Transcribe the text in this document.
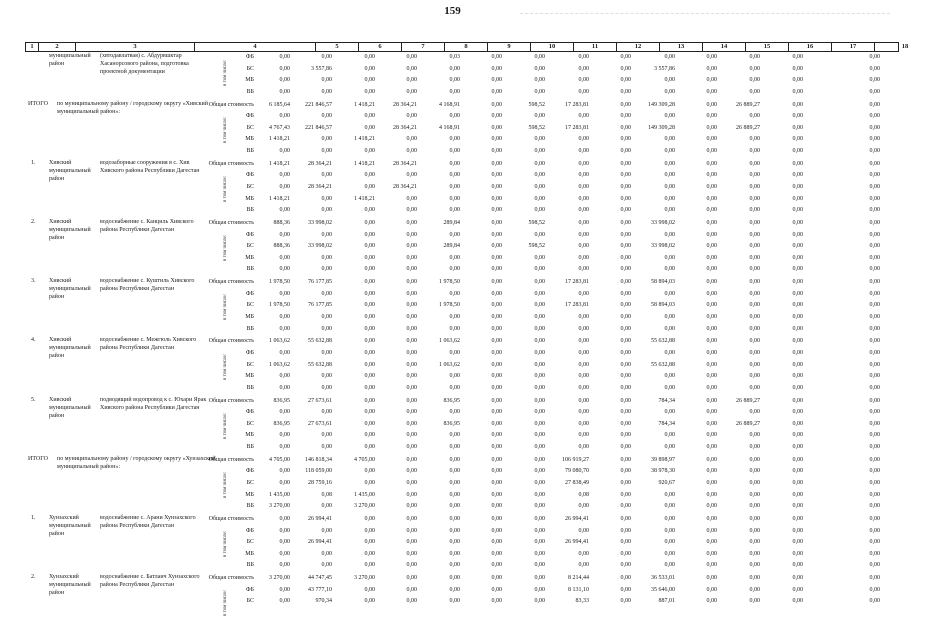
159
1	2	3	4	5	6	7	8	9	10	11	12	13	14	15	16	17	18
муниципальный район
(хвтодавлатвая) с. Абдурвшктар Хасанорсового района, подготовка проектной документации	в том числе:
ФБ	0,00	0,00	0,00	0,00	0,03	0,00	0,00	0,00	0,00	0,00	0,00	0,00	0,00	0,00
БС	0,00	3 557,86	0,00	0,00	0,00	0,00	0,00	0,00	0,00	3 557,86	0,00	0,00	0,00	0,00
МБ	0,00	0,00	0,00	0,00	0,00	0,00	0,00	0,00	0,00	0,00	0,00	0,00	0,00	0,00
ВБ	0,00	0,00	0,00	0,00	0,00	0,00	0,00	0,00	0,00	0,00	0,00	0,00	0,00	0,00
ИТОГО	по муниципальному району / городскому округу «Хивский муниципальный район»:
в том числе:
Общая стоимость	6 185,64	221 846,57	1 418,21	28 364,21	4 168,91	0,00	598,52	17 283,81	0,00	149 309,28	0,00	26 889,27	0,00	0,00
ФБ	0,00	0,00	0,00	0,00	0,00	0,00	0,00	0,00	0,00	0,00	0,00	0,00	0,00	0,00
БС	4 767,43	221 846,57	0,00	28 364,21	4 168,91	0,00	598,52	17 283,81	0,00	149 309,28	0,00	26 889,27	0,00	0,00
МБ	1 418,21	0,00	1 418,21	0,00	0,00	0,00	0,00	0,00	0,00	0,00	0,00	0,00	0,00	0,00
ВБ	0,00	0,00	0,00	0,00	0,00	0,00	0,00	0,00	0,00	0,00	0,00	0,00	0,00	0,00
1.	Хивский муниципальный район
водозаборные сооружения в с. Хив Хивского района Республики Дагестан
в том числе:
Общая стоимость	1 418,21	28 364,21	1 418,21	28 364,21	0,00	0,00	0,00	0,00	0,00	0,00	0,00	0,00	0,00	0,00
ФБ	0,00	0,00	0,00	0,00	0,00	0,00	0,00	0,00	0,00	0,00	0,00	0,00	0,00	0,00
БС	0,00	28 364,21	0,00	28 364,21	0,00	0,00	0,00	0,00	0,00	0,00	0,00	0,00	0,00	0,00
МБ	1 418,21	0,00	1 418,21	0,00	0,00	0,00	0,00	0,00	0,00	0,00	0,00	0,00	0,00	0,00
ВБ	0,00	0,00	0,00	0,00	0,00	0,00	0,00	0,00	0,00	0,00	0,00	0,00	0,00	0,00
2.	Хивский муниципальный район
водоснабжение с. Канциль Хивского района Республики Дагестан
в том числе:
Общая стоимость	888,36	33 998,02	0,00	0,00	289,84	0,00	598,52	0,00	0,00	33 998,02	0,00	0,00	0,00	0,00
ФБ	0,00	0,00	0,00	0,00	0,00	0,00	0,00	0,00	0,00	0,00	0,00	0,00	0,00	0,00
БС	888,36	33 998,02	0,00	0,00	289,84	0,00	598,52	0,00	0,00	33 998,02	0,00	0,00	0,00	0,00
МБ	0,00	0,00	0,00	0,00	0,00	0,00	0,00	0,00	0,00	0,00	0,00	0,00	0,00	0,00
ВБ	0,00	0,00	0,00	0,00	0,00	0,00	0,00	0,00	0,00	0,00	0,00	0,00	0,00	0,00
3.	Хивский муниципальный район
водоснабжение с. Куштиль Хивского района Республики Дагестан
в том числе:
Общая стоимость	1 978,50	76 177,85	0,00	0,00	1 978,50	0,00	0,00	17 283,81	0,00	58 894,03	0,00	0,00	0,00	0,00
ФБ	0,00	0,00	0,00	0,00	0,00	0,00	0,00	0,00	0,00	0,00	0,00	0,00	0,00	0,00
БС	1 978,50	76 177,85	0,00	0,00	1 978,50	0,00	0,00	17 283,81	0,00	58 894,03	0,00	0,00	0,00	0,00
МБ	0,00	0,00	0,00	0,00	0,00	0,00	0,00	0,00	0,00	0,00	0,00	0,00	0,00	0,00
ВБ	0,00	0,00	0,00	0,00	0,00	0,00	0,00	0,00	0,00	0,00	0,00	0,00	0,00	0,00
4.	Хивский муниципальный район
водоснабжение с. Межгюль Хивского района Республики Дагестан
в том числе:
Общая стоимость	1 063,62	55 632,88	0,00	0,00	1 063,62	0,00	0,00	0,00	0,00	55 632,88	0,00	0,00	0,00	0,00
ФБ	0,00	0,00	0,00	0,00	0,00	0,00	0,00	0,00	0,00	0,00	0,00	0,00	0,00	0,00
БС	1 063,62	55 632,88	0,00	0,00	1 063,62	0,00	0,00	0,00	0,00	55 632,88	0,00	0,00	0,00	0,00
МБ	0,00	0,00	0,00	0,00	0,00	0,00	0,00	0,00	0,00	0,00	0,00	0,00	0,00	0,00
ВБ	0,00	0,00	0,00	0,00	0,00	0,00	0,00	0,00	0,00	0,00	0,00	0,00	0,00	0,00
5.	Хивский муниципальный район
подводящий водопровод к с. Юхари Ярак Хивского района Республики Дагестан
в том числе:
Общая стоимость	836,95	27 673,61	0,00	0,00	836,95	0,00	0,00	0,00	0,00	784,34	0,00	26 889,27	0,00	0,00
ФБ	0,00	0,00	0,00	0,00	0,00	0,00	0,00	0,00	0,00	0,00	0,00	0,00	0,00	0,00
БС	836,95	27 673,61	0,00	0,00	836,95	0,00	0,00	0,00	0,00	784,34	0,00	26 889,27	0,00	0,00
МБ	0,00	0,00	0,00	0,00	0,00	0,00	0,00	0,00	0,00	0,00	0,00	0,00	0,00	0,00
ВБ	0,00	0,00	0,00	0,00	0,00	0,00	0,00	0,00	0,00	0,00	0,00	0,00	0,00	0,00
ИТОГО	по муниципальному району / городскому округу «Хунзахский муниципальный район»:
в том числе:
Общая стоимость	4 705,00	146 818,34	4 705,00	0,00	0,00	0,00	0,00	106 919,27	0,00	39 898,97	0,00	0,00	0,00	0,00
ФБ	0,00	118 059,00	0,00	0,00	0,00	0,00	0,00	79 080,70	0,00	38 978,30	0,00	0,00	0,00	0,00
БС	0,00	28 759,16	0,00	0,00	0,00	0,00	0,00	27 838,49	0,00	920,67	0,00	0,00	0,00	0,00
МБ	1 435,00	0,08	1 435,00	0,00	0,00	0,00	0,00	0,08	0,00	0,00	0,00	0,00	0,00	0,00
ВБ	3 270,00	0,00	3 270,00	0,00	0,00	0,00	0,00	0,00	0,00	0,00	0,00	0,00	0,00	0,00
1.	Хунзахский муниципальный район
водоснабжение с. Арани Хунзахского района Республики Дагестан
в том числе:
Общая стоимость	0,00	26 994,41	0,00	0,00	0,00	0,00	0,00	26 994,41	0,00	0,00	0,00	0,00	0,00	0,00
ФБ	0,00	0,00	0,00	0,00	0,00	0,00	0,00	0,00	0,00	0,00	0,00	0,00	0,00	0,00
БС	0,00	26 994,41	0,00	0,00	0,00	0,00	0,00	26 994,41	0,00	0,00	0,00	0,00	0,00	0,00
МБ	0,00	0,00	0,00	0,00	0,00	0,00	0,00	0,00	0,00	0,00	0,00	0,00	0,00	0,00
ВБ	0,00	0,00	0,00	0,00	0,00	0,00	0,00	0,00	0,00	0,00	0,00	0,00	0,00	0,00
2.	Хунзахский муниципальный район
водоснабжение с. Батлаич Хунзахского района Республики Дагестан
в том числе:
Общая стоимость	3 270,00	44 747,45	3 270,00	0,00	0,00	0,00	0,00	8 214,44	0,00	36 533,01	0,00	0,00	0,00	0,00
ФБ	0,00	43 777,10	0,00	0,00	0,00	0,00	0,00	8 131,10	0,00	35 646,00	0,00	0,00	0,00	0,00
БС	0,00	970,34	0,00	0,00	0,00	0,00	0,00	83,33	0,00	887,01	0,00	0,00	0,00	0,00
